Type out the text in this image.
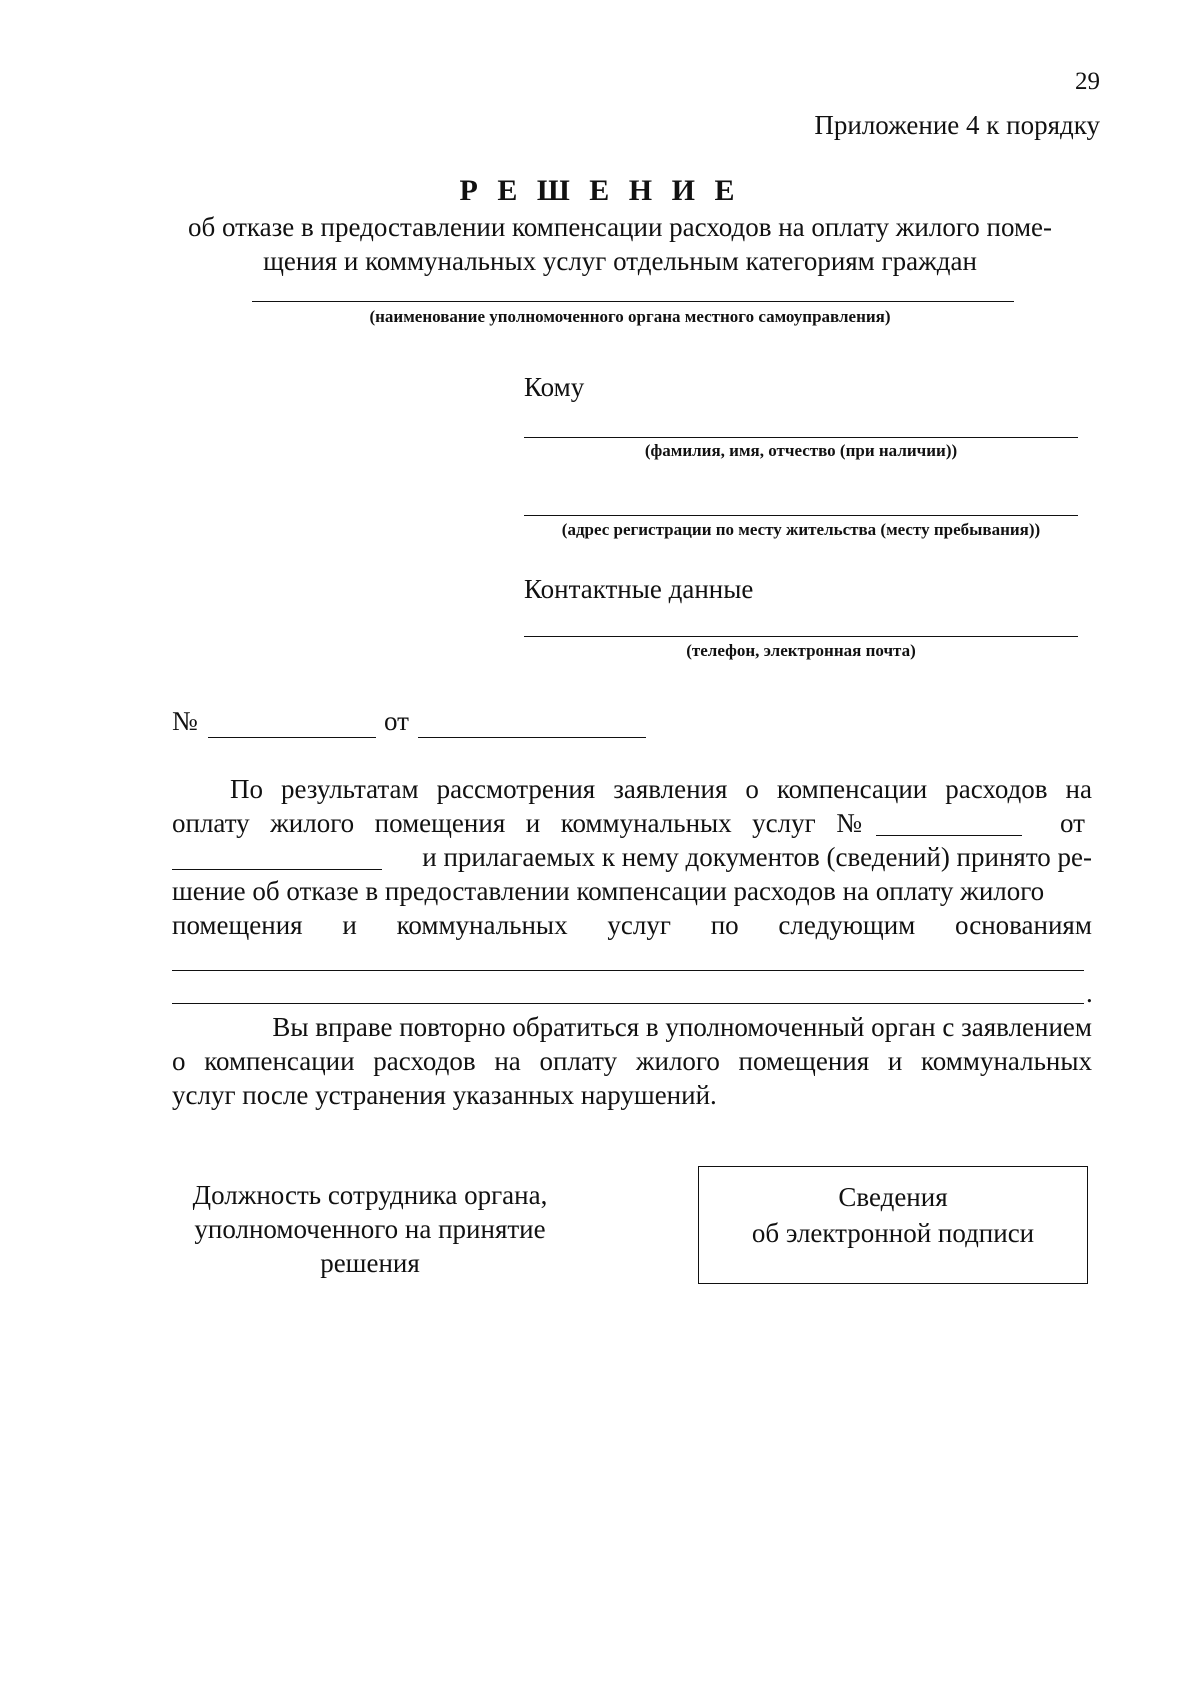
29
Приложение 4 к порядку
Р Е Ш Е Н И Е
об отказе в предоставлении компенсации расходов на оплату жилого поме-
щения и коммунальных услуг отдельным категориям граждан
(наименование уполномоченного органа местного самоуправления)
Кому
(фамилия, имя, отчество (при наличии))
(адрес регистрации по месту жительства (месту пребывания))
Контактные данные
(телефон, электронная почта)
№	от
По результатам рассмотрения заявления о компенсации расходов на
оплату жилого помещения и коммунальных услуг №	от
и прилагаемых к нему документов (сведений) принято ре-
шение об отказе в предоставлении компенсации расходов на оплату жилого
помещения и коммунальных услуг по следующим основаниям
.
Вы вправе повторно обратиться в уполномоченный орган с заявлением
о компенсации расходов на оплату жилого помещения и коммунальных
услуг после устранения указанных нарушений.
Должность сотрудника органа,
уполномоченного на принятие
решения
Сведения
об электронной подписи
